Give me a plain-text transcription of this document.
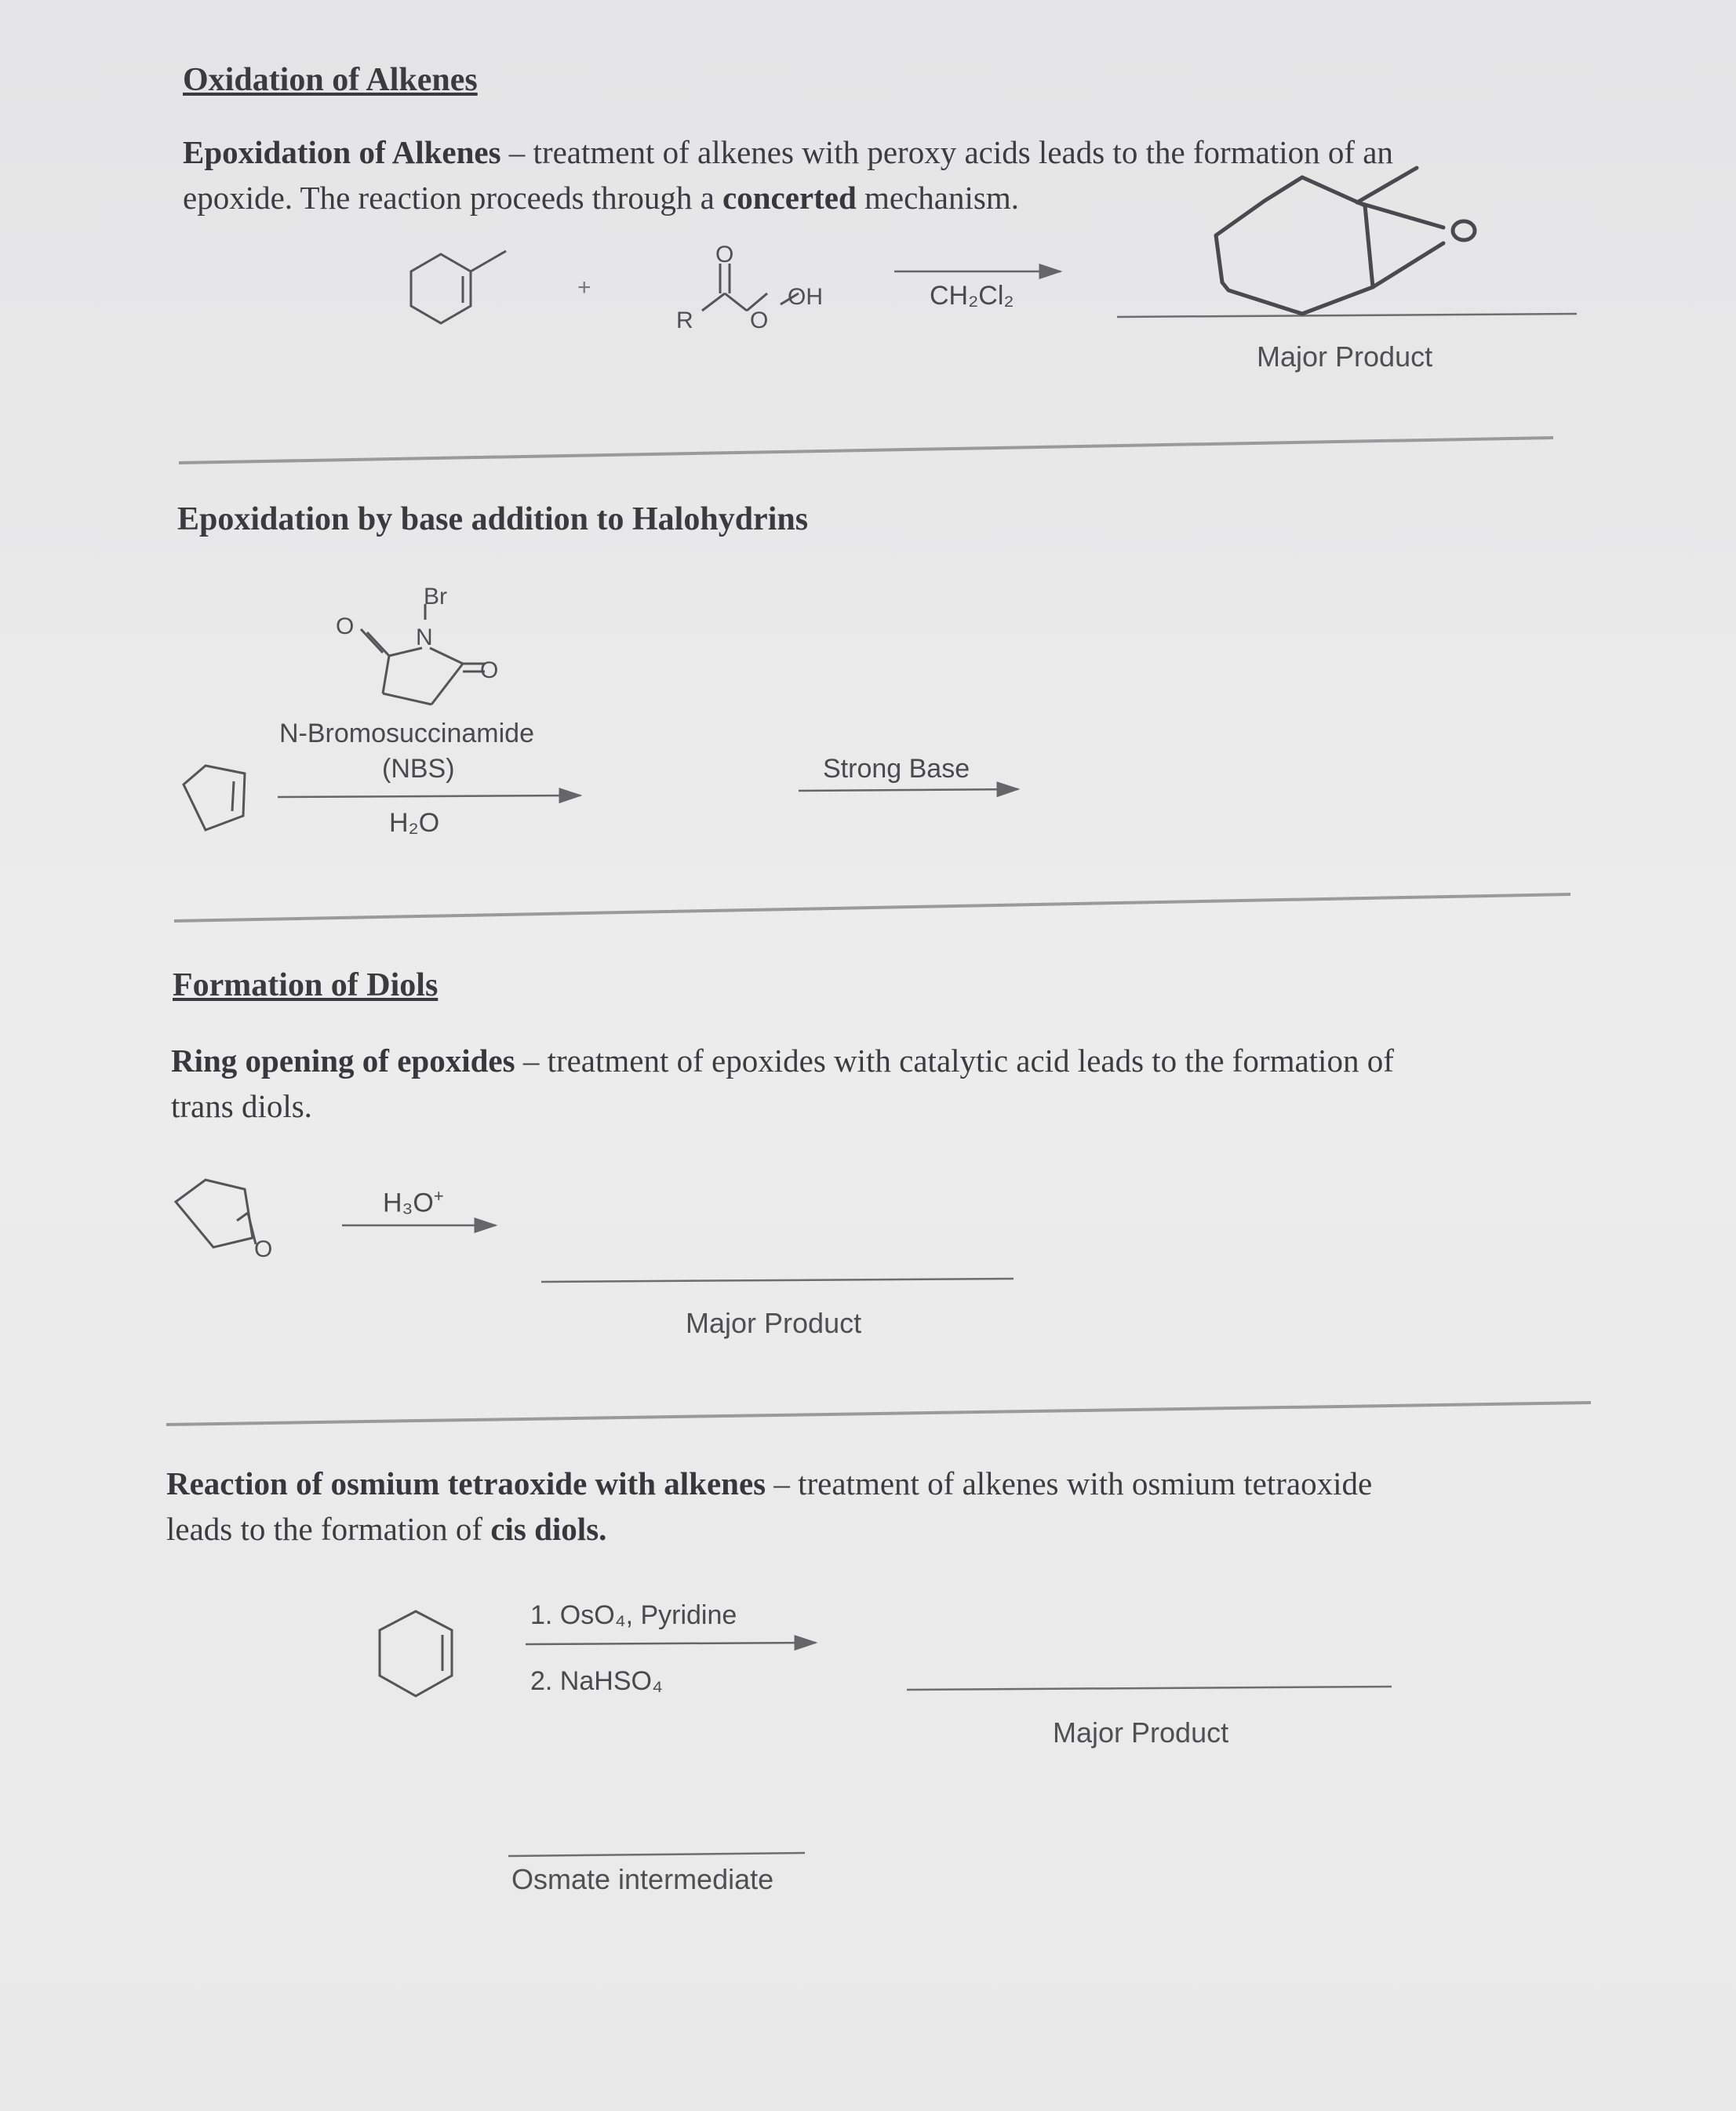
Oxidation of Alkenes
Epoxidation of Alkenes – treatment of alkenes with peroxy acids leads to the formation of an
epoxide. The reaction proceeds through a concerted mechanism.
Epoxidation by base addition to Halohydrins
N-Bromosuccinamide
(NBS)
H₂O
Strong Base
Formation of Diols
Ring opening of epoxides – treatment of epoxides with catalytic acid leads to the formation of
trans diols.
H₃O+
Major Product
Reaction of osmium tetraoxide with alkenes – treatment of alkenes with osmium tetraoxide
leads to the formation of cis diols.
1. OsO₄, Pyridine
2. NaHSO₄
Major Product
Osmate intermediate
+	CH₂Cl₂
Major Product
O
R O
OH
Br
N
O
O
O
